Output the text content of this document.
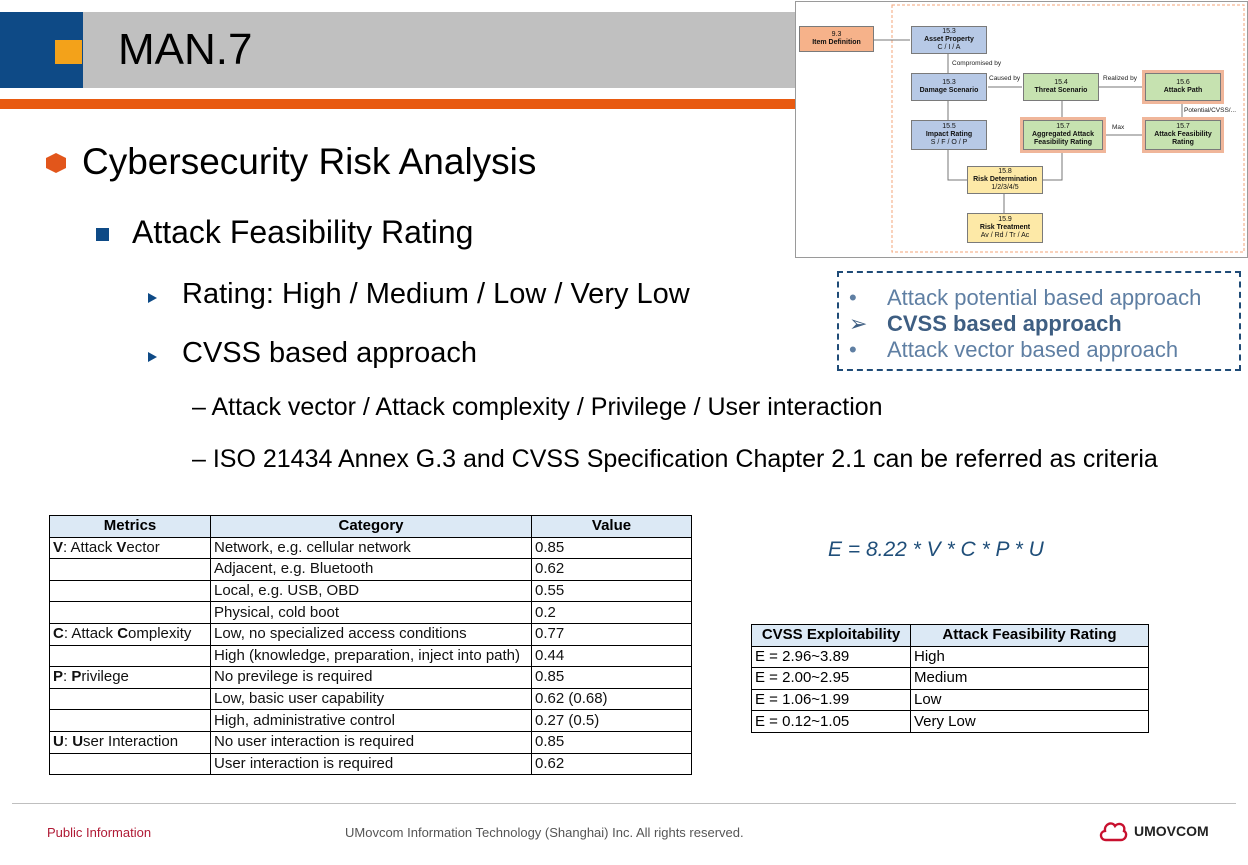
MAN.7
Cybersecurity Risk Analysis
Attack Feasibility Rating
Rating: High / Medium / Low / Very Low
CVSS based approach
– Attack vector / Attack complexity / Privilege / User interaction
– ISO 21434 Annex G.3 and CVSS Specification Chapter 2.1 can be referred as criteria
9.3
Item Definition
15.3
Asset Property
C / I / A
Compromised by
15.3
Damage Scenario
Caused by
15.4
Threat Scenario
Realized by
15.6
Attack Path
Potential/CVSS/...
15.5
Impact Rating
S / F / O / P
15.7
Aggregated Attack Feasibility Rating
Max	15.7
Attack Feasibility Rating
15.8
Risk Determination
1/2/3/4/5
15.9
Risk Treatment
Av / Rd / Tr / Ac
• Attack potential based approach
➢ CVSS based approach
• Attack vector based approach
Metrics	Category	Value
V: Attack Vector	Network, e.g. cellular network	0.85
	Adjacent, e.g. Bluetooth	0.62
	Local, e.g. USB, OBD	0.55
	Physical, cold boot	0.2
C: Attack Complexity	Low, no specialized access conditions	0.77
	High (knowledge, preparation, inject into path)	0.44
P: Privilege	No previlege is required	0.85
	Low, basic user capability	0.62 (0.68)
	High, administrative control	0.27 (0.5)
U: User Interaction	No user interaction is required	0.85
	User interaction is required	0.62
E = 8.22 * V * C * P * U
CVSS Exploitability	Attack Feasibility Rating
E = 2.96~3.89	High
E = 2.00~2.95	Medium
E = 1.06~1.99	Low
E = 0.12~1.05	Very Low
Public Information	UMovcom Information Technology (Shanghai) Inc. All rights reserved.	UMOVCOM
